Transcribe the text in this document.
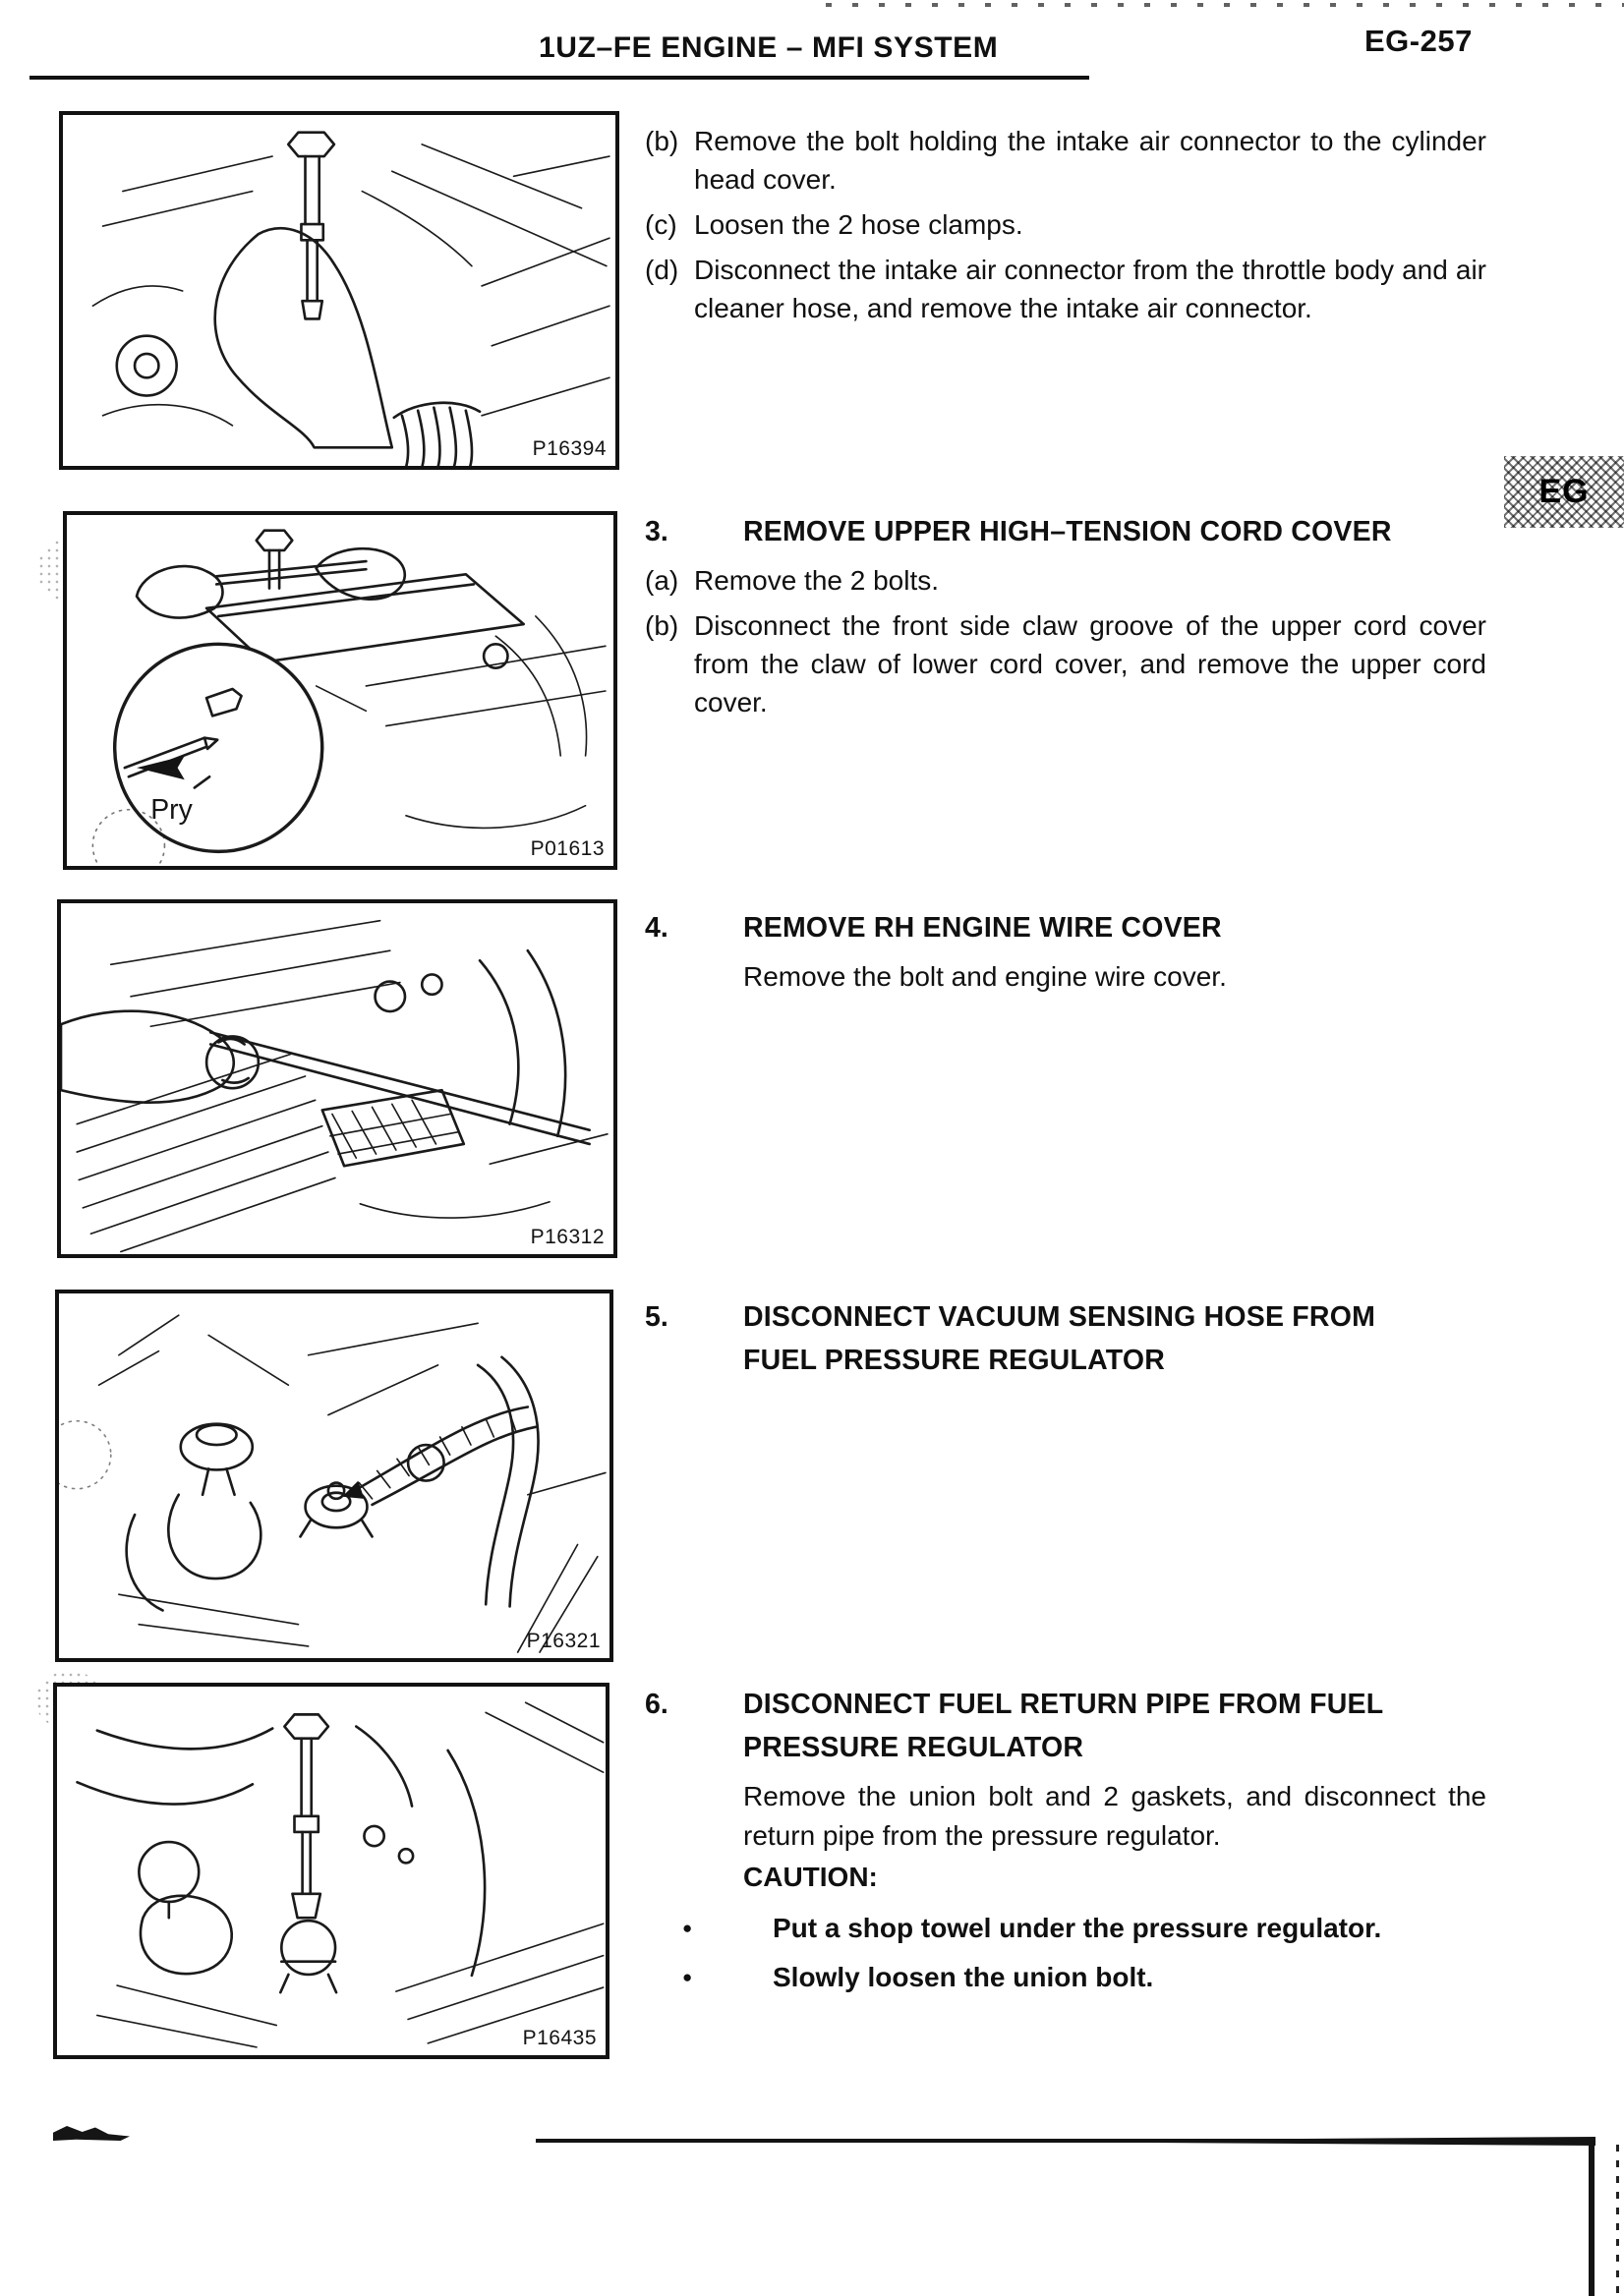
1UZ–FE ENGINE – MFI SYSTEM	EG-257
EG
P16394
(b) Remove the bolt holding the intake air connector to the cylinder head cover.
(c) Loosen the 2 hose clamps.
(d) Disconnect the intake air connector from the throttle body and air cleaner hose, and remove the intake air connector.
Pry
P01613
3.	REMOVE UPPER HIGH–TENSION CORD COVER
(a) Remove the 2 bolts.
(b) Disconnect the front side claw groove of the upper cord cover from the claw of lower cord cover, and remove the upper cord cover.
P16312
4.	REMOVE RH ENGINE WIRE COVER
Remove the bolt and engine wire cover.
P16321
5.	DISCONNECT VACUUM SENSING HOSE FROM FUEL PRESSURE REGULATOR
P16435
6.	DISCONNECT FUEL RETURN PIPE FROM FUEL PRESSURE REGULATOR
Remove the union bolt and 2 gaskets, and disconnect the return pipe from the pressure regulator.
CAUTION:
●	Put a shop towel under the pressure regulator.
●	Slowly loosen the union bolt.
